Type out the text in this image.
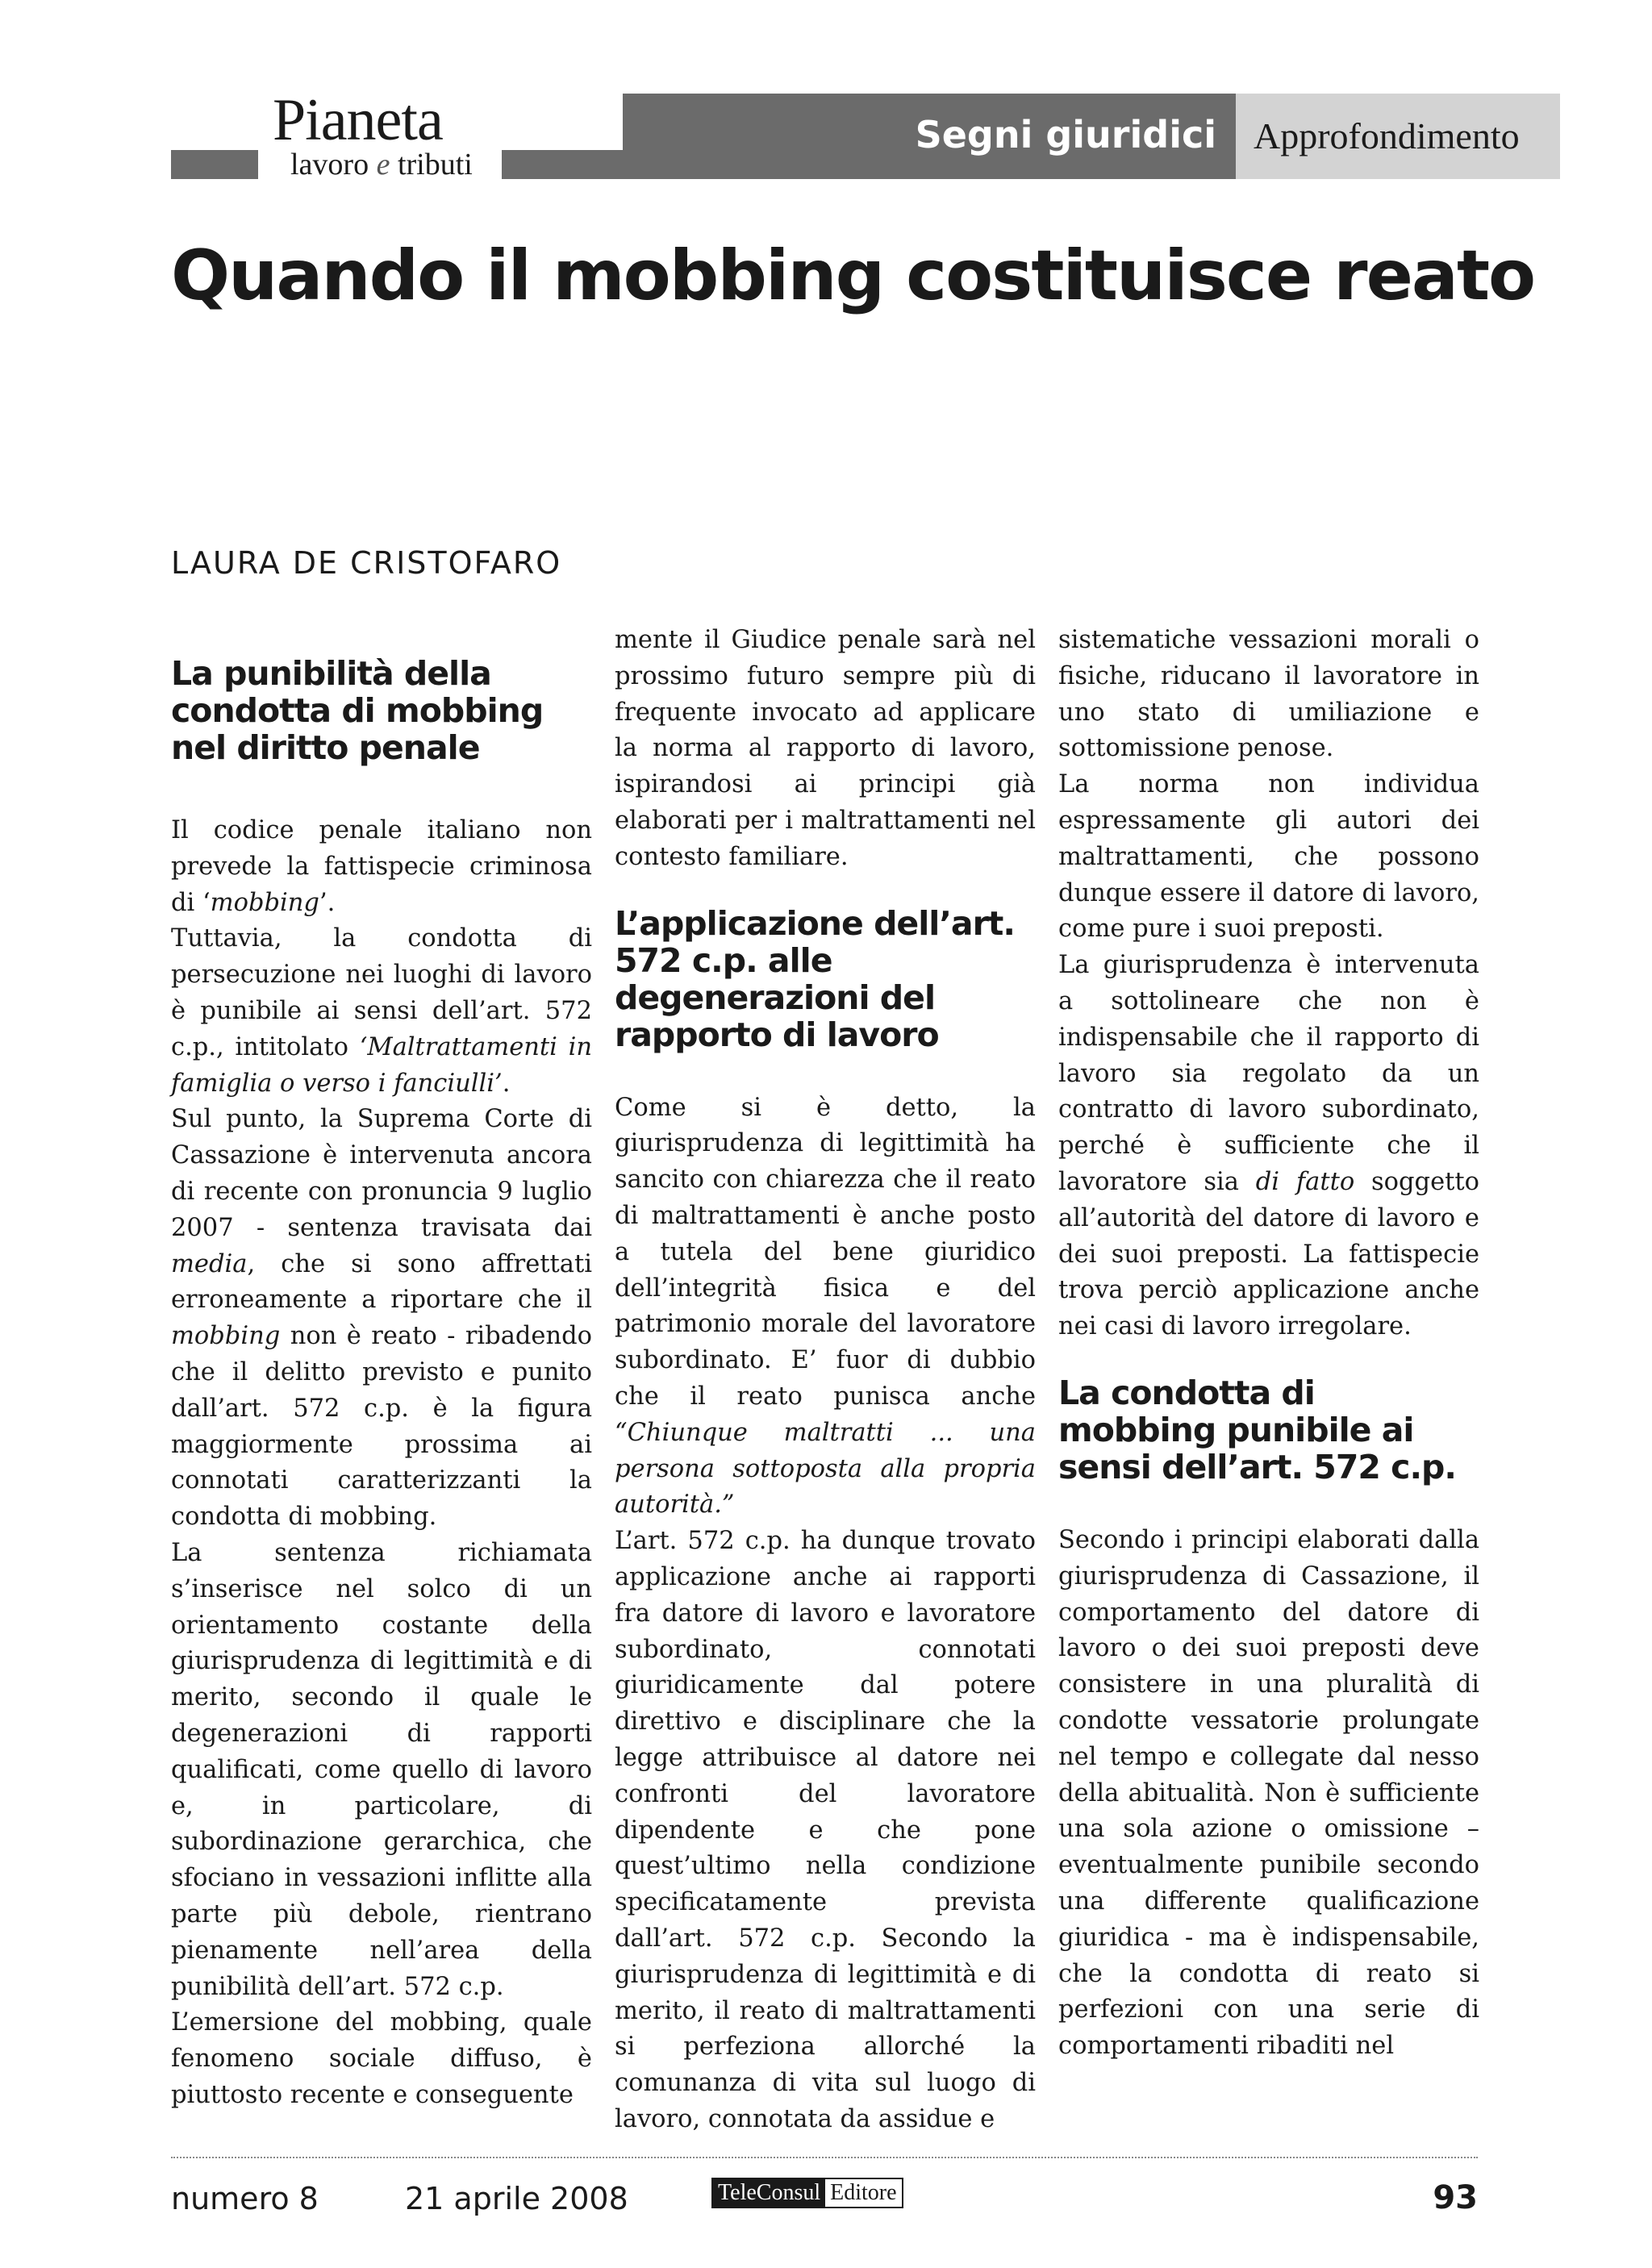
Pianeta
lavoro e tributi
Segni giuridici Approfondimento
Quando il mobbing costituisce reato
LAURA DE CRISTOFARO
La punibilità della condotta di mobbing nel diritto penale

Il codice penale italiano non prevede la fattispecie criminosa di ‘mobbing’.

Tuttavia, la condotta di persecuzione nei luoghi di lavoro è punibile ai sensi dell’art. 572 c.p., intitolato ‘Maltrattamenti in famiglia o verso i fanciulli’.

Sul punto, la Suprema Corte di Cassazione è intervenuta ancora di recente con pronuncia 9 luglio 2007 - sentenza travisata dai media, che si sono affrettati erroneamente a riportare che il mobbing non è reato - ribadendo che il delitto previsto e punito dall’art. 572 c.p. è la figura maggiormente prossima ai connotati caratterizzanti la condotta di mobbing.

La sentenza richiamata s’inserisce nel solco di un orientamento costante della giurisprudenza di legittimità e di merito, secondo il quale le degenerazioni di rapporti qualificati, come quello di lavoro e, in particolare, di subordinazione gerarchica, che sfociano in vessazioni inflitte alla parte più debole, rientrano pienamente nell’area della punibilità dell’art. 572 c.p.

L’emersione del mobbing, quale fenomeno sociale diffuso, è piuttosto recente e conseguente

mente il Giudice penale sarà nel prossimo futuro sempre più di frequente invocato ad applicare la norma al rapporto di lavoro, ispirandosi ai principi già elaborati per i maltrattamenti nel contesto familiare.

L’applicazione dell’art. 572 c.p. alle degenerazioni del rapporto di lavoro

Come si è detto, la giurisprudenza di legittimità ha sancito con chiarezza che il reato di maltrattamenti è anche posto a tutela del bene giuridico dell’integrità fisica e del patrimonio morale del lavoratore subordinato. E’ fuor di dubbio che il reato punisca anche “Chiunque maltratti ... una persona sottoposta alla propria autorità.”

L’art. 572 c.p. ha dunque trovato applicazione anche ai rapporti fra datore di lavoro e lavoratore subordinato, connotati giuridicamente dal potere direttivo e disciplinare che la legge attribuisce al datore nei confronti del lavoratore dipendente e che pone quest’ultimo nella condizione specificatamente prevista dall’art. 572 c.p. Secondo la giurisprudenza di legittimità e di merito, il reato di maltrattamenti si perfeziona allorché la comunanza di vita sul luogo di lavoro, connotata da assidue e

sistematiche vessazioni morali o fisiche, riducano il lavoratore in uno stato di umiliazione e sottomissione penose.

La norma non individua espressamente gli autori dei maltrattamenti, che possono dunque essere il datore di lavoro, come pure i suoi preposti.

La giurisprudenza è intervenuta a sottolineare che non è indispensabile che il rapporto di lavoro sia regolato da un contratto di lavoro subordinato, perché è sufficiente che il lavoratore sia di fatto soggetto all’autorità del datore di lavoro e dei suoi preposti. La fattispecie trova perciò applicazione anche nei casi di lavoro irregolare.

La condotta di mobbing punibile ai sensi dell’art. 572 c.p.

Secondo i principi elaborati dalla giurisprudenza di Cassazione, il comportamento del datore di lavoro o dei suoi preposti deve consistere in una pluralità di condotte vessatorie prolungate nel tempo e collegate dal nesso della abitualità. Non è sufficiente una sola azione o omissione – eventualmente punibile secondo una differente qualificazione giuridica - ma è indispensabile, che la condotta di reato si perfezioni con una serie di comportamenti ribaditi nel

numero 8	21 aprile 2008	TeleConsul Editore	93
